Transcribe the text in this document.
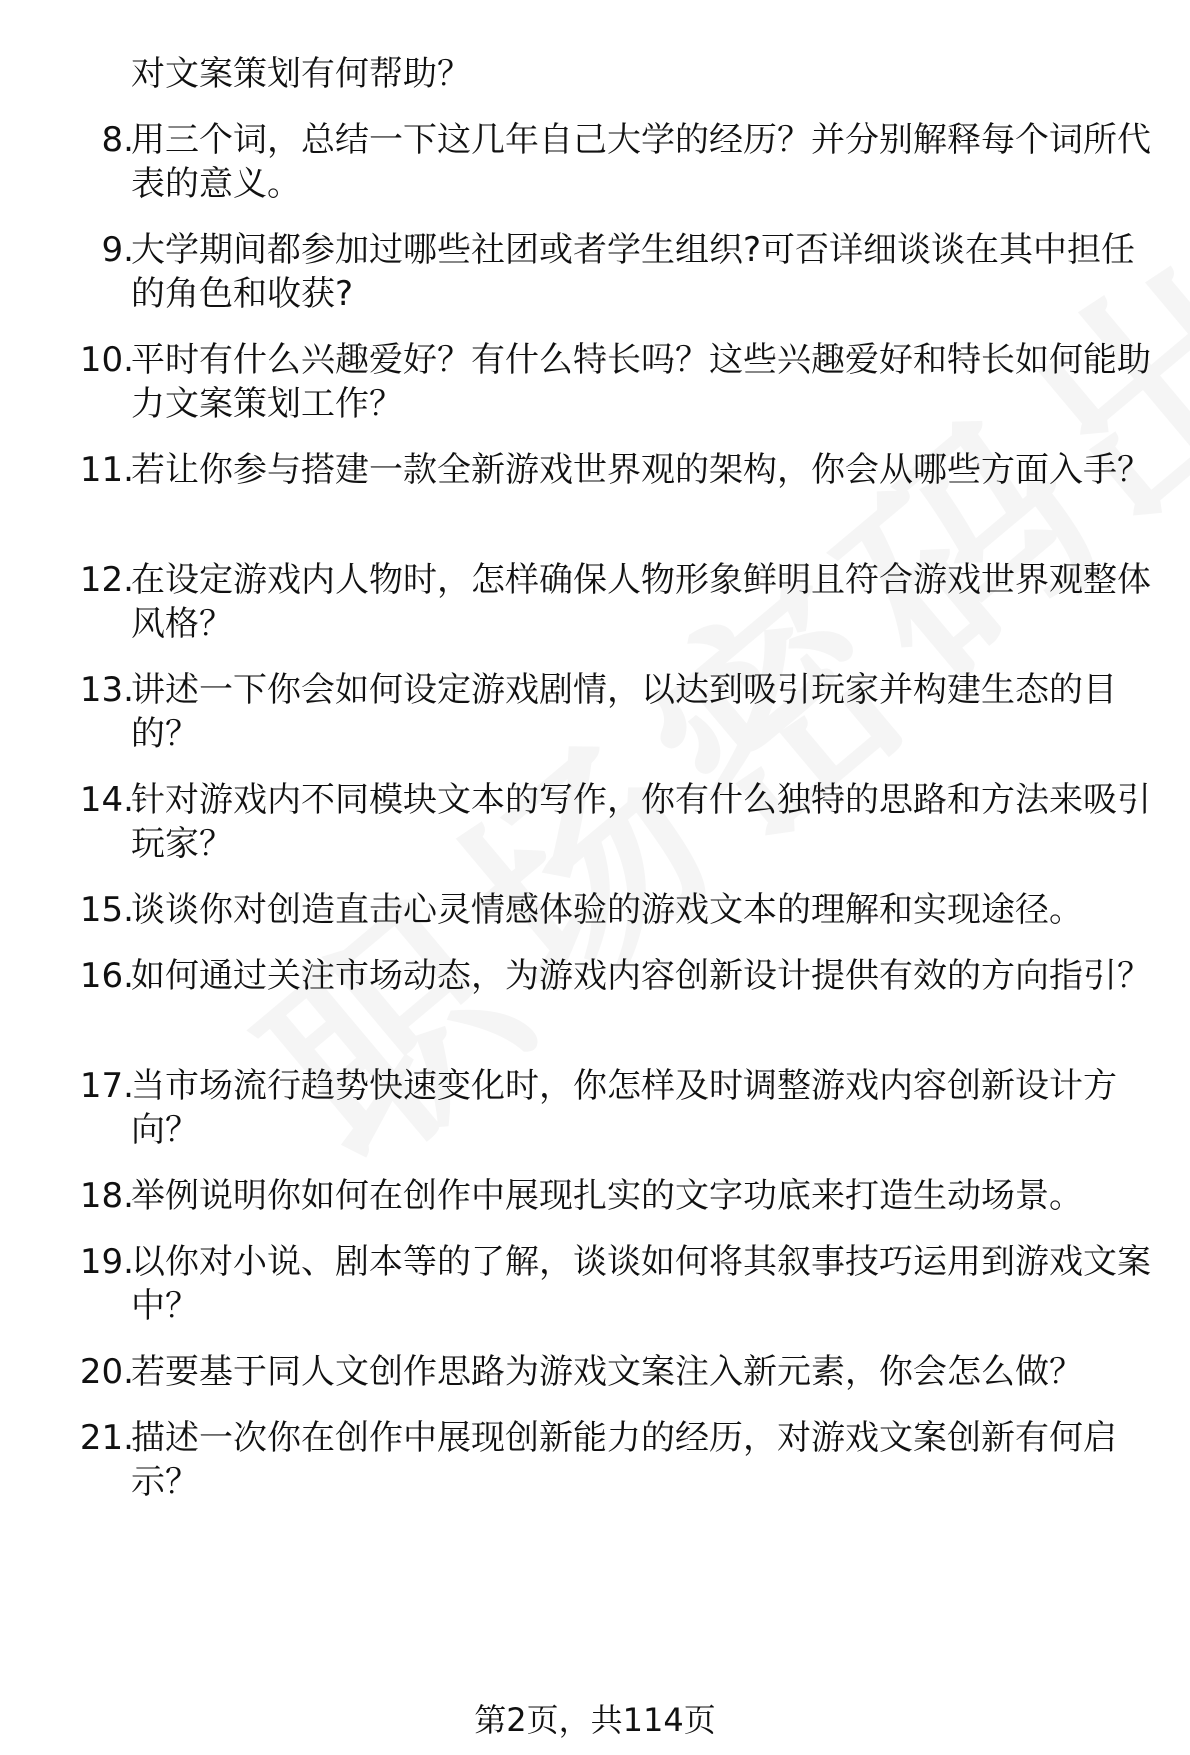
对文案策划有何帮助？
8.
用三个词，总结一下这几年自己大学的经历？并分别解释每个词所代表的意义。
9.
大学期间都参加过哪些社团或者学生组织?可否详细谈谈在其中担任的角色和收获?
10.
平时有什么兴趣爱好？有什么特长吗？这些兴趣爱好和特长如何能助力文案策划工作？
11.
若让你参与搭建一款全新游戏世界观的架构，你会从哪些方面入手？
12.
在设定游戏内人物时，怎样确保人物形象鲜明且符合游戏世界观整体风格？
13.
讲述一下你会如何设定游戏剧情，以达到吸引玩家并构建生态的目的？
14.
针对游戏内不同模块文本的写作，你有什么独特的思路和方法来吸引玩家？
15.
谈谈你对创造直击心灵情感体验的游戏文本的理解和实现途径。
16.
如何通过关注市场动态，为游戏内容创新设计提供有效的方向指引？
17.
当市场流行趋势快速变化时，你怎样及时调整游戏内容创新设计方向？
18.
举例说明你如何在创作中展现扎实的文字功底来打造生动场景。
19.
以你对小说、剧本等的了解，谈谈如何将其叙事技巧运用到游戏文案中？
20.
若要基于同人文创作思路为游戏文案注入新元素，你会怎么做？
21.
描述一次你在创作中展现创新能力的经历，对游戏文案创新有何启示？
第2页，共114页
